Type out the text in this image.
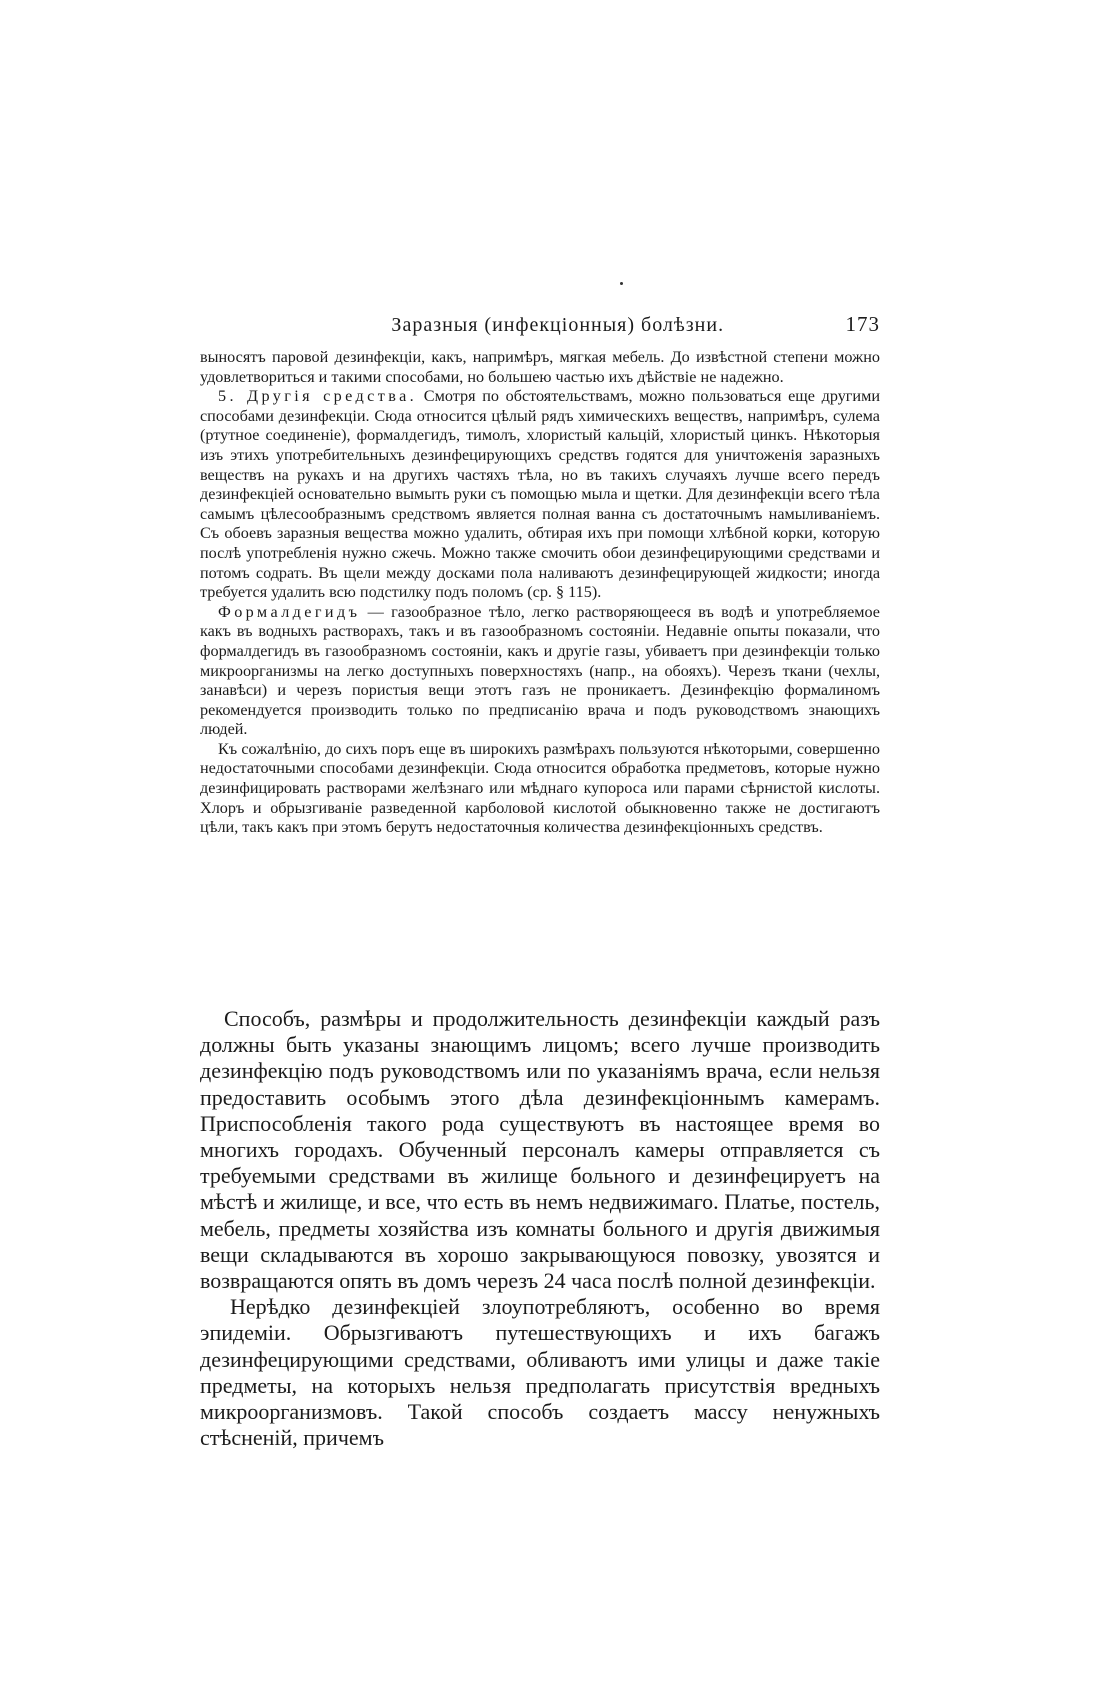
Заразныя (инфекціонныя) болѣзни.	173

выносятъ паровой дезинфекціи, какъ, напримѣръ, мягкая мебель. До извѣстной степени можно удовлетвориться и такими способами, но большею частью ихъ дѣйствіе не надежно.

5. Другія средства. Смотря по обстоятельствамъ, можно пользоваться еще другими способами дезинфекціи. Сюда относится цѣлый рядъ химическихъ веществъ, напримѣръ, сулема (ртутное соединеніе), формалдегидъ, тимолъ, хлористый кальцій, хлористый цинкъ. Нѣкоторыя изъ этихъ употребительныхъ дезинфецирующихъ средствъ годятся для уничтоженія заразныхъ веществъ на рукахъ и на другихъ частяхъ тѣла, но въ такихъ случаяхъ лучше всего передъ дезинфекціей основательно вымыть руки съ помощью мыла и щетки. Для дезинфекціи всего тѣла самымъ цѣлесообразнымъ средствомъ является полная ванна съ достаточнымъ намыливаніемъ. Съ обоевъ заразныя вещества можно удалить, обтирая ихъ при помощи хлѣбной корки, которую послѣ употребленія нужно сжечь. Можно также смочить обои дезинфецирующими средствами и потомъ содрать. Въ щели между досками пола наливаютъ дезинфецирующей жидкости; иногда требуется удалить всю подстилку подъ поломъ (ср. § 115).

Формалдегидъ — газообразное тѣло, легко растворяющееся въ водѣ и употребляемое какъ въ водныхъ растворахъ, такъ и въ газообразномъ состояніи. Недавніе опыты показали, что формалдегидъ въ газообразномъ состояніи, какъ и другіе газы, убиваетъ при дезинфекціи только микроорганизмы на легко доступныхъ поверхностяхъ (напр., на обояхъ). Черезъ ткани (чехлы, занавѣси) и черезъ пористыя вещи этотъ газъ не проникаетъ. Дезинфекцію формалиномъ рекомендуется производить только по предписанію врача и подъ руководствомъ знающихъ людей.

Къ сожалѣнію, до сихъ поръ еще въ широкихъ размѣрахъ пользуются нѣкоторыми, совершенно недостаточными способами дезинфекціи. Сюда относится обработка предметовъ, которые нужно дезинфицировать растворами желѣзнаго или мѣднаго купороса или парами сѣрнистой кислоты. Хлоръ и обрызгиваніе разведенной карболовой кислотой обыкновенно также не достигаютъ цѣли, такъ какъ при этомъ берутъ недостаточныя количества дезинфекціонныхъ средствъ.

Способъ, размѣры и продолжительность дезинфекціи каждый разъ должны быть указаны знающимъ лицомъ; всего лучше производить дезинфекцію подъ руководствомъ или по указаніямъ врача, если нельзя предоставить особымъ этого дѣла дезинфекціоннымъ камерамъ. Приспособленія такого рода существуютъ въ настоящее время во многихъ городахъ. Обученный персоналъ камеры отправляется съ требуемыми средствами въ жилище больного и дезинфецируетъ на мѣстѣ и жилище, и все, что есть въ немъ недвижимаго. Платье, постель, мебель, предметы хозяйства изъ комнаты больного и другія движимыя вещи складываются въ хорошо закрывающуюся повозку, увозятся и возвращаются опять въ домъ черезъ 24 часа послѣ полной дезинфекціи.

Нерѣдко дезинфекціей злоупотребляютъ, особенно во время эпидеміи. Обрызгиваютъ путешествующихъ и ихъ багажъ дезинфецирующими средствами, обливаютъ ими улицы и даже такіе предметы, на которыхъ нельзя предполагать присутствія вредныхъ микроорганизмовъ. Такой способъ создаетъ массу ненужныхъ стѣсненій, причемъ
